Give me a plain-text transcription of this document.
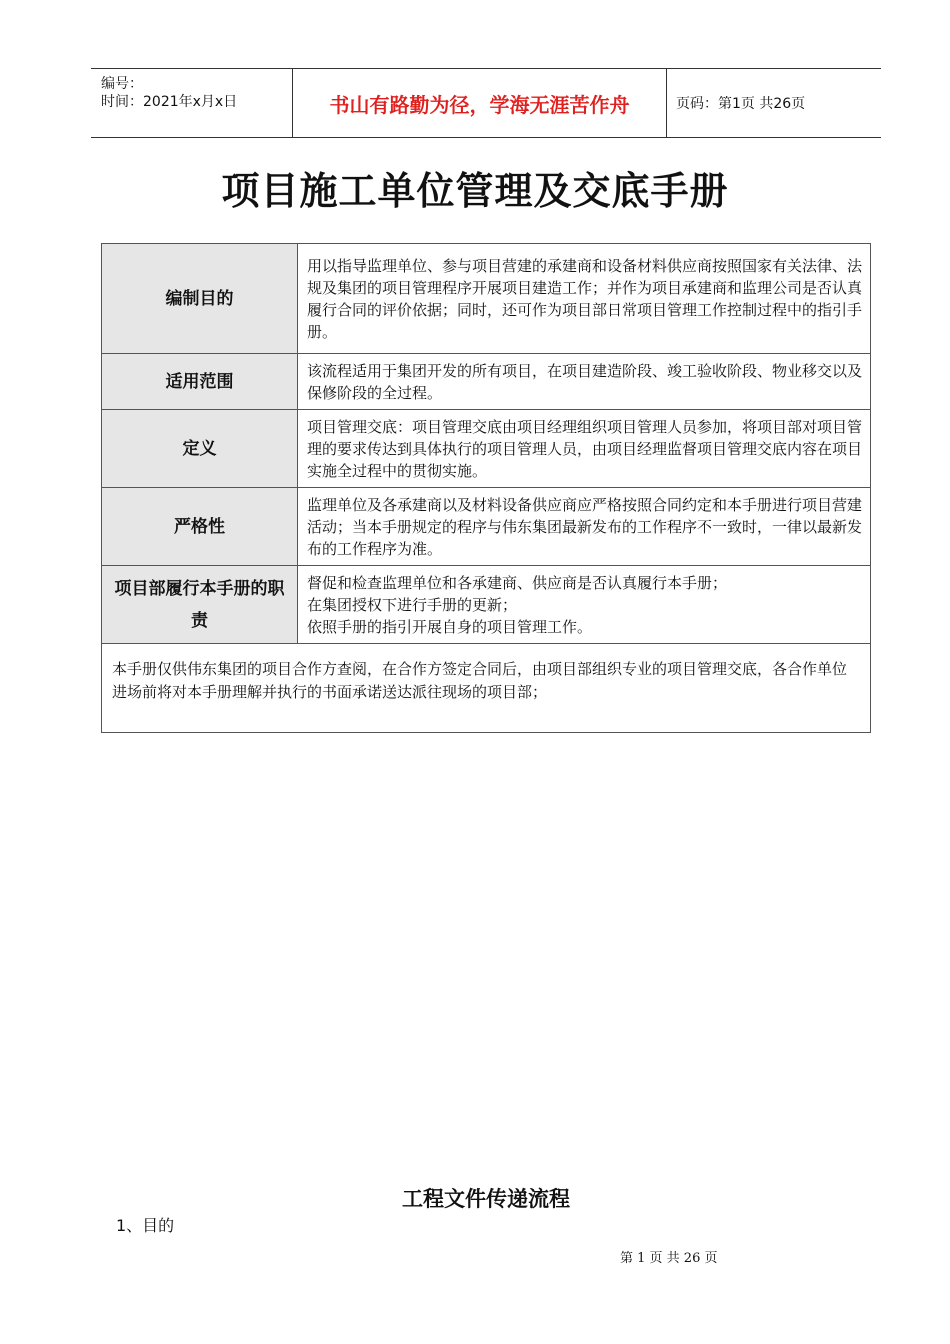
编号：
时间：2021年x月x日	书山有路勤为径，学海无涯苦作舟	页码：第1页 共26页
项目施工单位管理及交底手册
编制目的
用以指导监理单位、参与项目营建的承建商和设备材料供应商按照国家有关法律、法规及集团的项目管理程序开展项目建造工作；并作为项目承建商和监理公司是否认真履行合同的评价依据；同时，还可作为项目部日常项目管理工作控制过程中的指引手册。
适用范围
该流程适用于集团开发的所有项目，在项目建造阶段、竣工验收阶段、物业移交以及保修阶段的全过程。
定义
项目管理交底：项目管理交底由项目经理组织项目管理人员参加，将项目部对项目管理的要求传达到具体执行的项目管理人员，由项目经理监督项目管理交底内容在项目实施全过程中的贯彻实施。
严格性
监理单位及各承建商以及材料设备供应商应严格按照合同约定和本手册进行项目营建活动；当本手册规定的程序与伟东集团最新发布的工作程序不一致时，一律以最新发布的工作程序为准。
项目部履行本手册的职责
督促和检查监理单位和各承建商、供应商是否认真履行本手册；
在集团授权下进行手册的更新；
依照手册的指引开展自身的项目管理工作。
本手册仅供伟东集团的项目合作方查阅，在合作方签定合同后，由项目部组织专业的项目管理交底，各合作单位进场前将对本手册理解并执行的书面承诺送达派往现场的项目部；
工程文件传递流程
1、目的
第 1 页 共 26 页
